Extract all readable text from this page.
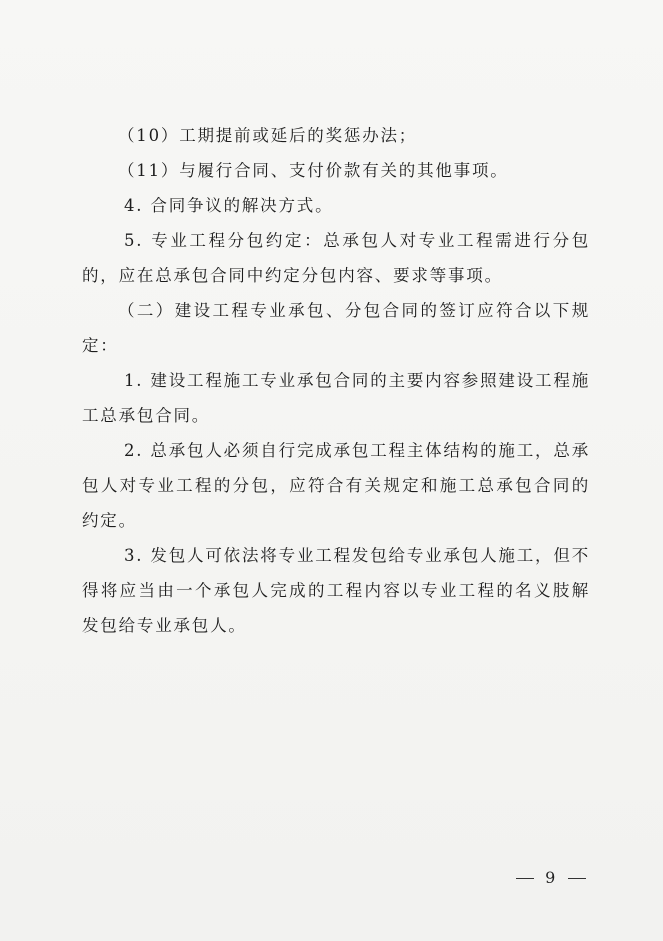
（10）工期提前或延后的奖惩办法；

（11）与履行合同、支付价款有关的其他事项。

4. 合同争议的解决方式。

5. 专业工程分包约定：总承包人对专业工程需进行分包的，应在总承包合同中约定分包内容、要求等事项。

（二）建设工程专业承包、分包合同的签订应符合以下规定：

1. 建设工程施工专业承包合同的主要内容参照建设工程施工总承包合同。

2. 总承包人必须自行完成承包工程主体结构的施工，总承包人对专业工程的分包，应符合有关规定和施工总承包合同的约定。

3. 发包人可依法将专业工程发包给专业承包人施工，但不得将应当由一个承包人完成的工程内容以专业工程的名义肢解发包给专业承包人。

9
